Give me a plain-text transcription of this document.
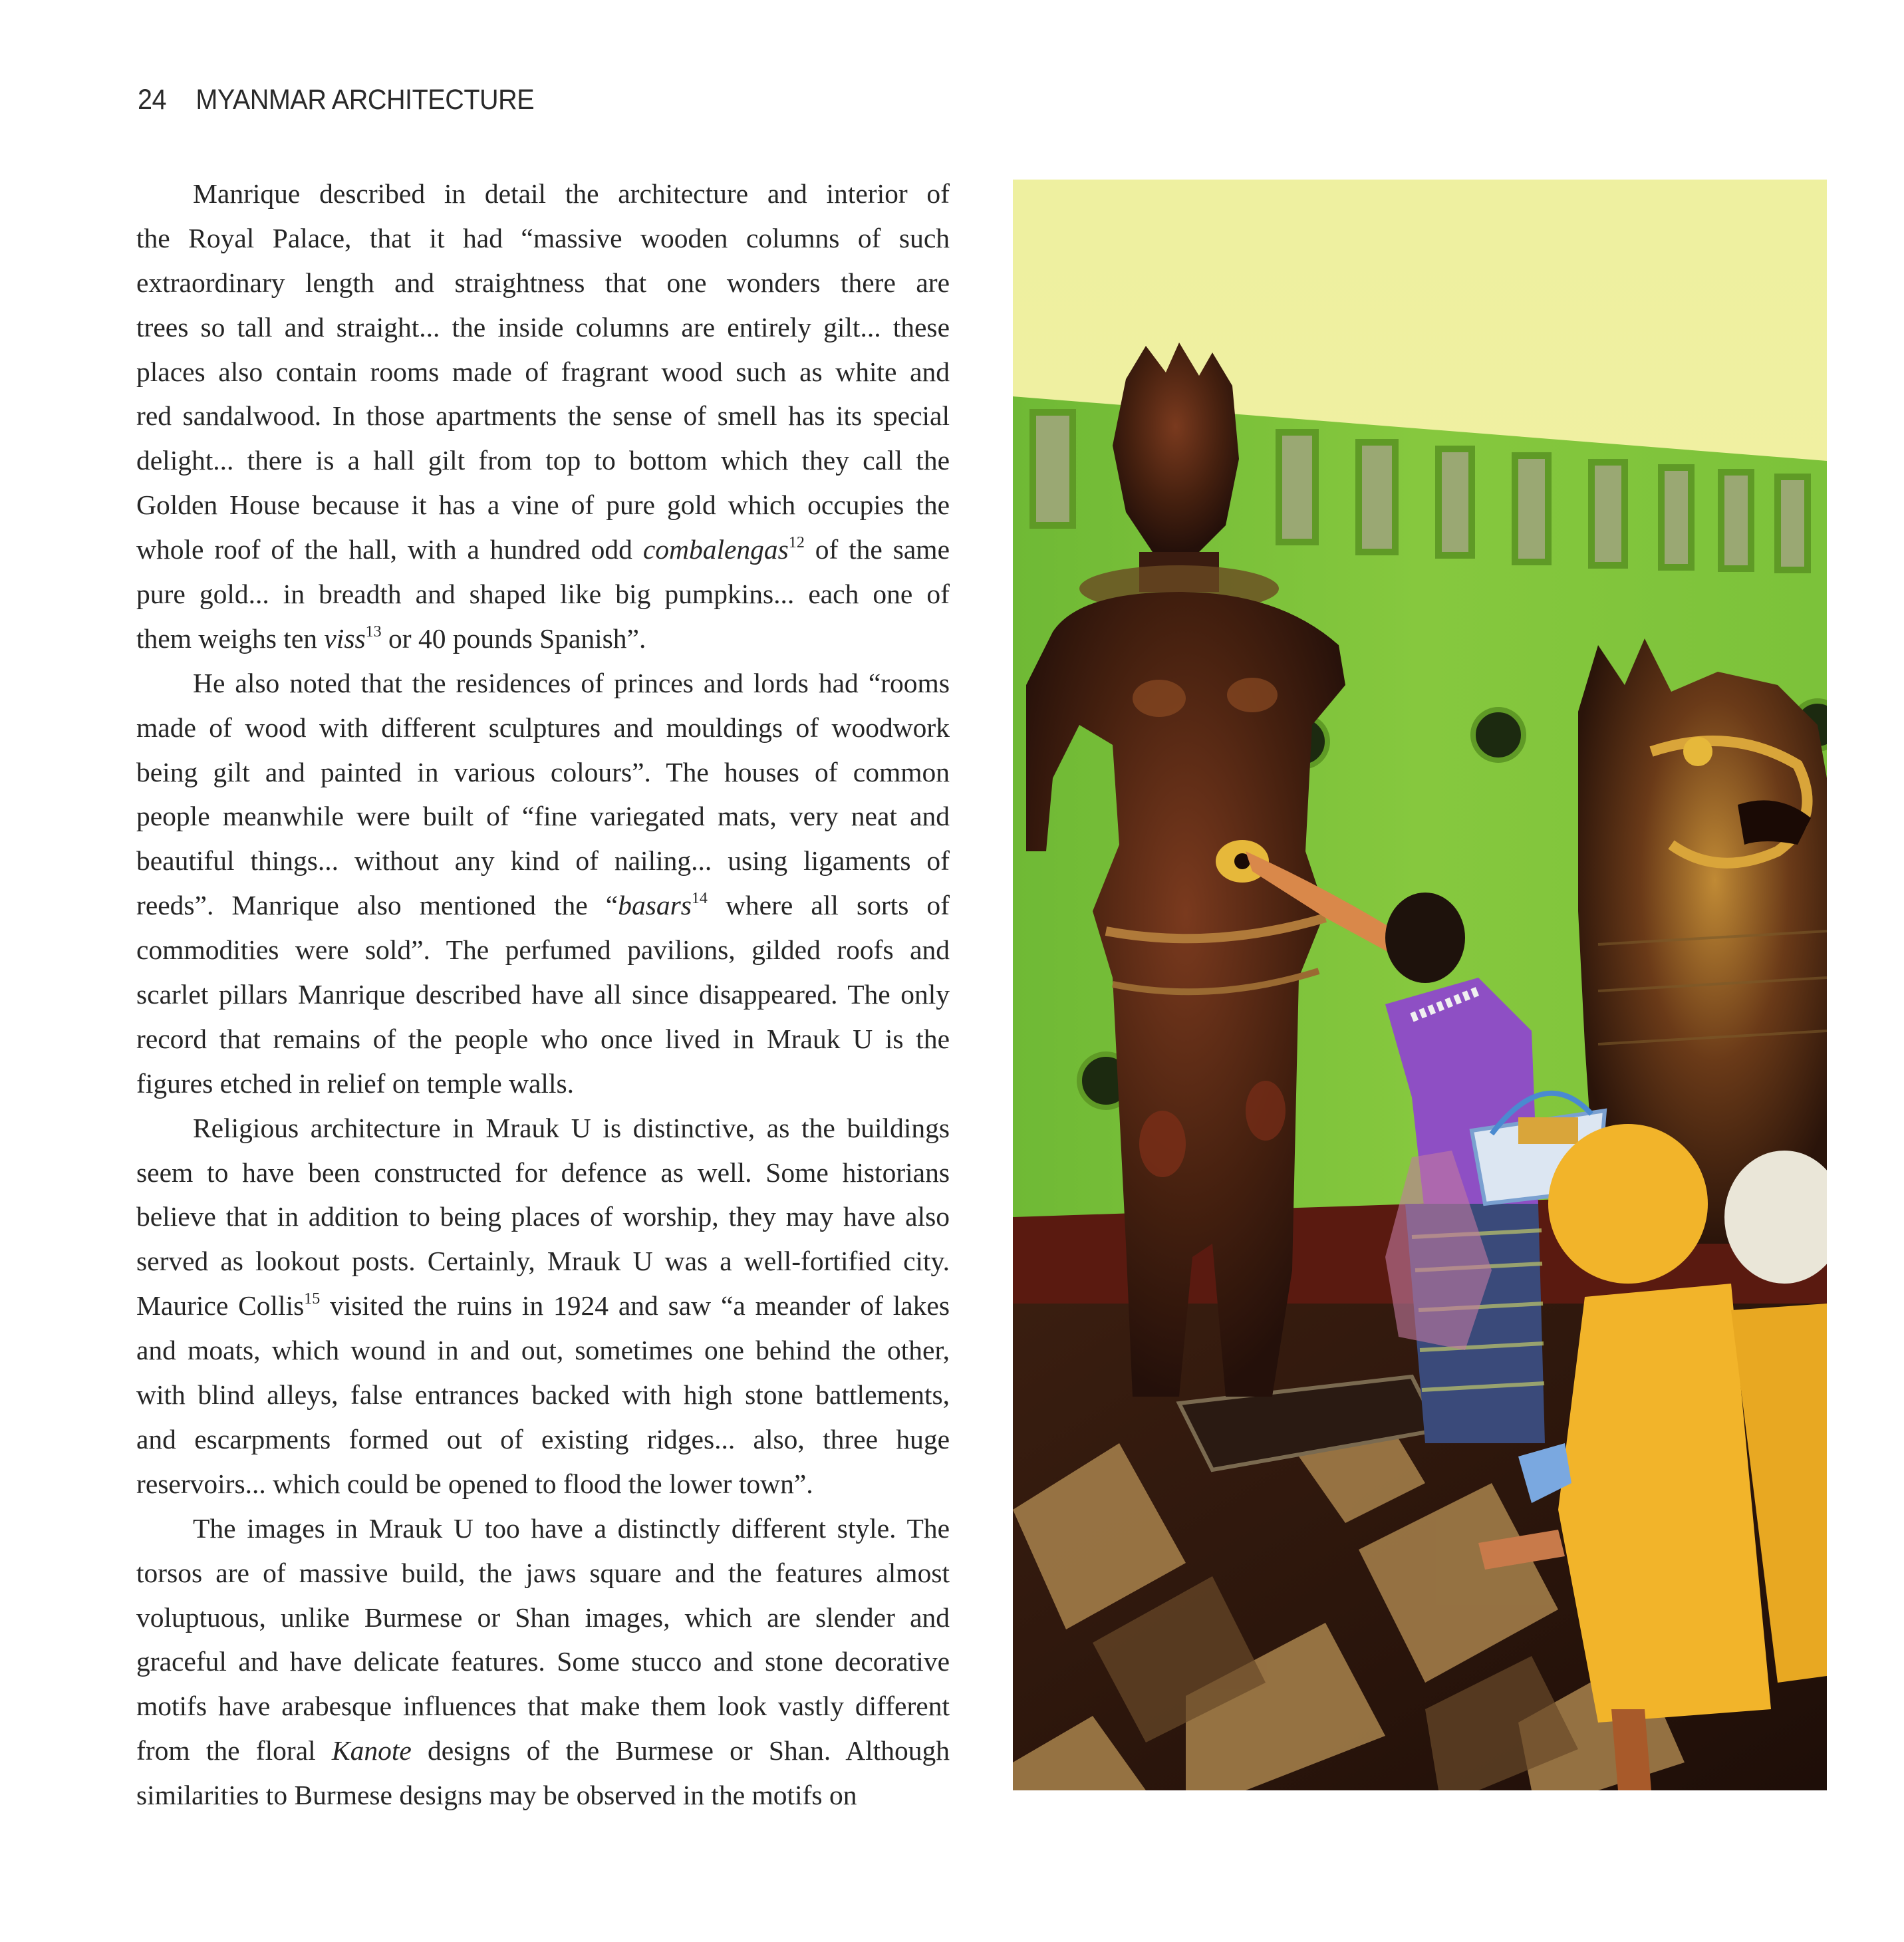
24 MYANMAR ARCHITECTURE
Manrique described in detail the architecture and interior of
the Royal Palace, that it had “massive wooden columns of such
extraordinary length and straightness that one wonders there are
trees so tall and straight... the inside columns are entirely gilt... these
places also contain rooms made of fragrant wood such as white and
red sandalwood. In those apartments the sense of smell has its special
delight... there is a hall gilt from top to bottom which they call the
Golden House because it has a vine of pure gold which occupies the
whole roof of the hall, with a hundred odd combalengas$^{12}$ of the same
pure gold... in breadth and shaped like big pumpkins... each one of
them weighs ten viss$^{13}$ or 40 pounds Spanish”.
He also noted that the residences of princes and lords had “rooms
made of wood with different sculptures and mouldings of woodwork
being gilt and painted in various colours”. The houses of common
people meanwhile were built of “fine variegated mats, very neat and
beautiful things... without any kind of nailing... using ligaments of
reeds”. Manrique also mentioned the “basars$^{14}$ where all sorts of
commodities were sold”. The perfumed pavilions, gilded roofs and
scarlet pillars Manrique described have all since disappeared. The only
record that remains of the people who once lived in Mrauk U is the
figures etched in relief on temple walls.
Religious architecture in Mrauk U is distinctive, as the buildings
seem to have been constructed for defence as well. Some historians
believe that in addition to being places of worship, they may have also
served as lookout posts. Certainly, Mrauk U was a well-fortified city.
Maurice Collis$^{15}$ visited the ruins in 1924 and saw “a meander of lakes
and moats, which wound in and out, sometimes one behind the other,
with blind alleys, false entrances backed with high stone battlements,
and escarpments formed out of existing ridges... also, three huge
reservoirs... which could be opened to flood the lower town”.
The images in Mrauk U too have a distinctly different style. The
torsos are of massive build, the jaws square and the features almost
voluptuous, unlike Burmese or Shan images, which are slender and
graceful and have delicate features. Some stucco and stone decorative
motifs have arabesque influences that make them look vastly different
from the floral Kanote designs of the Burmese or Shan. Although
similarities to Burmese designs may be observed in the motifs on
